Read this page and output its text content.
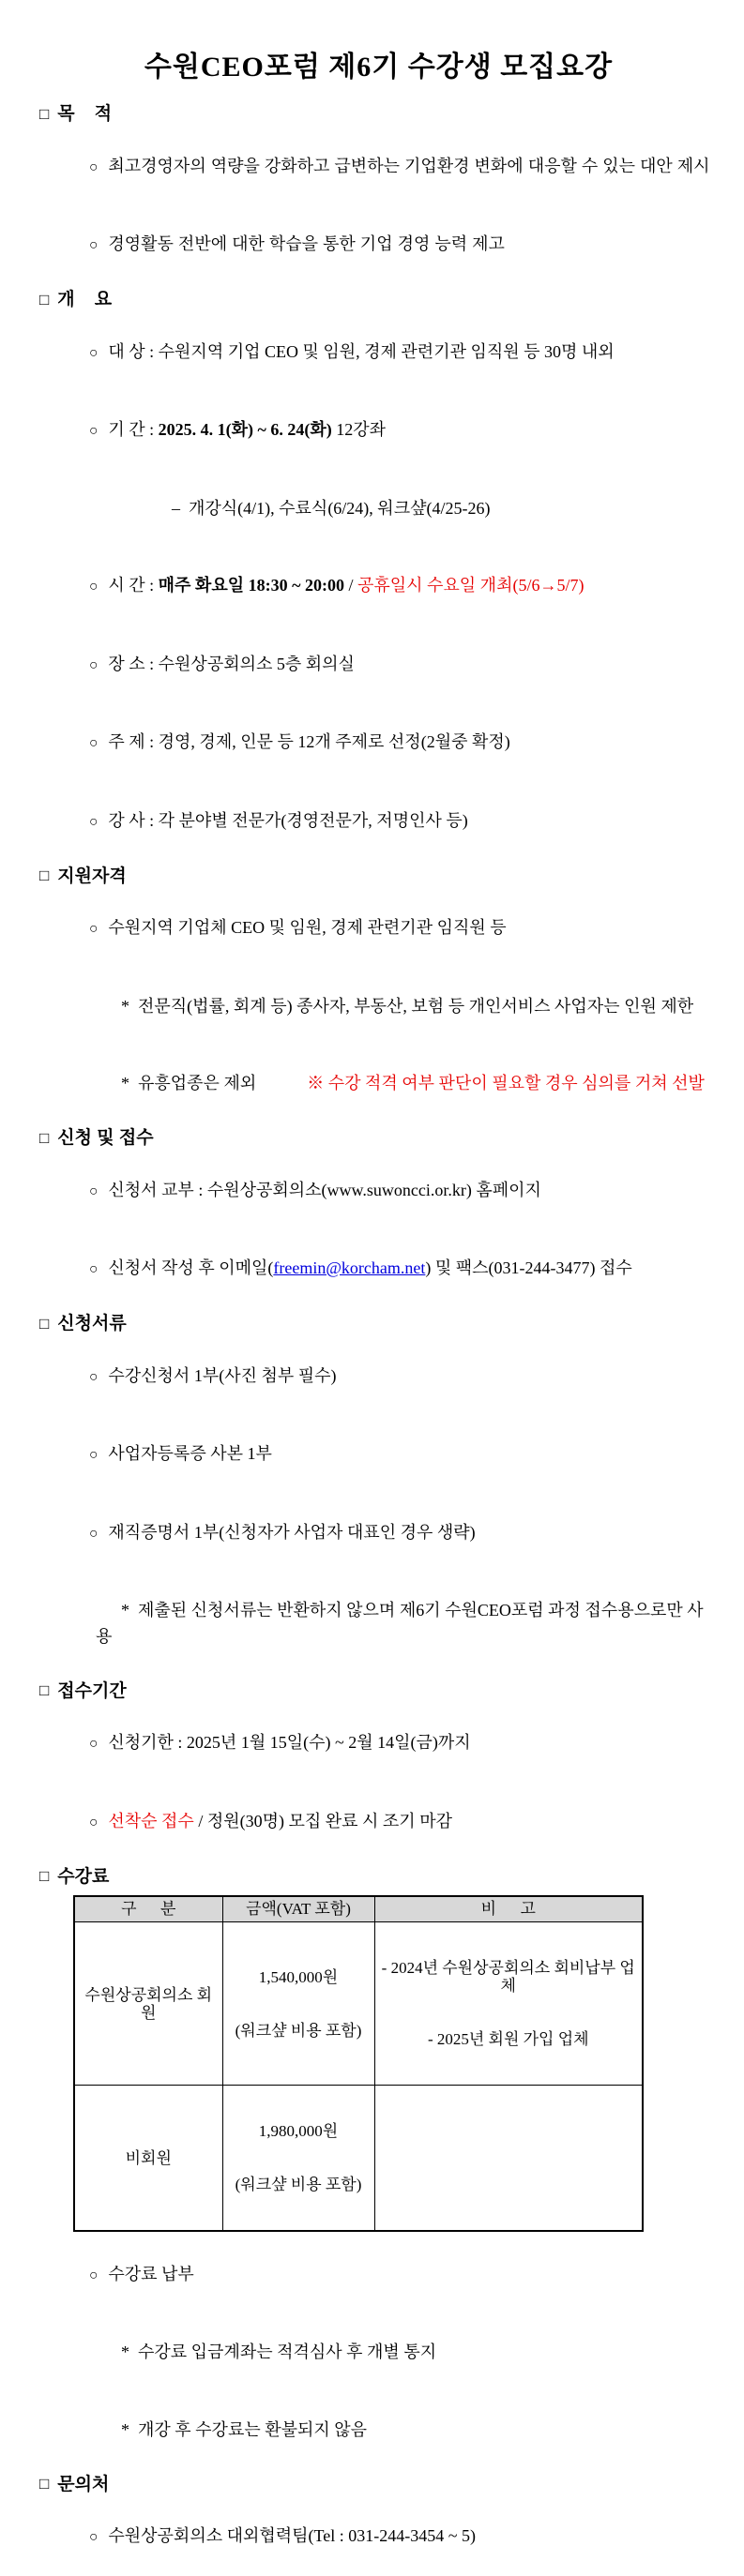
수원CEO포럼 제6기 수강생 모집요강
□ 목    적

○ 최고경영자의 역량을 강화하고 급변하는 기업환경 변화에 대응할 수 있는 대안 제시

○ 경영활동 전반에 대한 학습을 통한 기업 경영 능력 제고

□ 개    요

○ 대 상 : 수원지역 기업 CEO 및 임원, 경제 관련기관 임직원 등 30명 내외

○ 기 간 : 2025. 4. 1(화) ~ 6. 24(화) 12강좌

– 개강식(4/1), 수료식(6/24), 워크샾(4/25-26)

○ 시 간 : 매주 화요일 18:30 ~ 20:00 / 공휴일시 수요일 개최(5/6→5/7)

○ 장 소 : 수원상공회의소 5층 회의실

○ 주 제 : 경영, 경제, 인문 등 12개 주제로 선정(2월중 확정)

○ 강 사 : 각 분야별 전문가(경영전문가, 저명인사 등)

□ 지원자격

○ 수원지역 기업체 CEO 및 임원, 경제 관련기관 임직원 등

* 전문직(법률, 회계 등) 종사자, 부동산, 보험 등 개인서비스 사업자는 인원 제한

* 유흥업종은 제외	※ 수강 적격 여부 판단이 필요할 경우 심의를 거쳐 선발

□ 신청 및 접수

○ 신청서 교부 : 수원상공회의소(www.suwoncci.or.kr) 홈페이지

○ 신청서 작성 후 이메일(freemin@korcham.net) 및 팩스(031-244-3477) 접수

□ 신청서류

○ 수강신청서 1부(사진 첨부 필수)

○ 사업자등록증 사본 1부

○ 재직증명서 1부(신청자가 사업자 대표인 경우 생략)

* 제출된 신청서류는 반환하지 않으며 제6기 수원CEO포럼 과정 접수용으로만 사용

□ 접수기간

○ 신청기한 : 2025년 1월 15일(수) ~ 2월 14일(금)까지

○ 선착순 접수 / 정원(30명) 모집 완료 시 조기 마감

□ 수강료
구      분	금액(VAT 포함)	비      고
수원상공회의소 회원	

1,540,000원

(워크샾 비용 포함)

- 2024년 수원상공회의소 회비납부 업체

- 2025년 회원 가입 업체

비회원	1,980,000원

(워크샾 비용 포함)	

○ 수강료 납부

* 수강료 입금계좌는 적격심사 후 개별 통지

* 개강 후 수강료는 환불되지 않음

□ 문의처

○ 수원상공회의소 대외협력팀(Tel : 031-244-3454 ~ 5)
